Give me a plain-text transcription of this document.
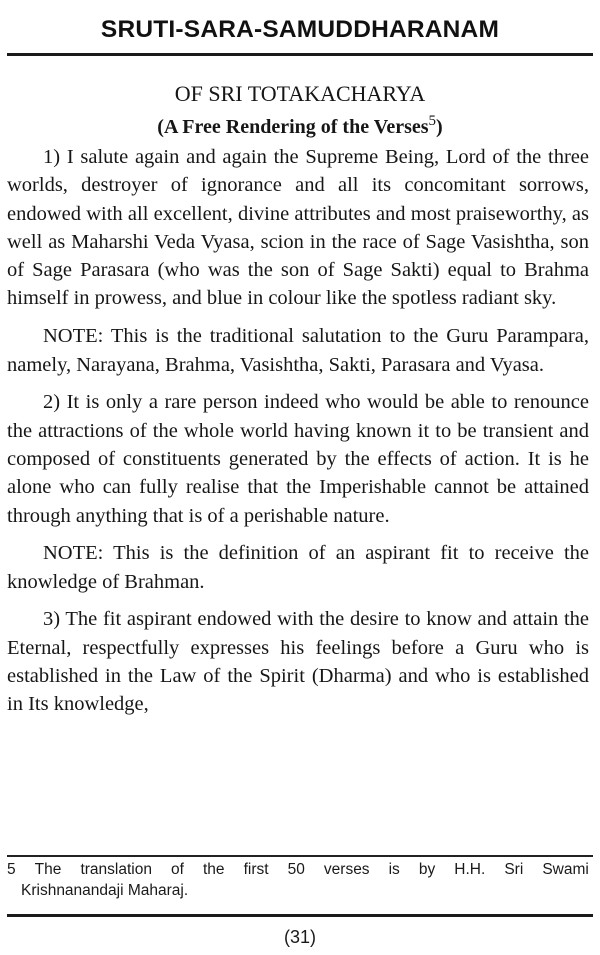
SRUTI-SARA-SAMUDDHARANAM
OF SRI TOTAKACHARYA
(A Free Rendering of the Verses$^5$)

1) I salute again and again the Supreme Being, Lord of the three worlds, destroyer of ignorance and all its concomitant sorrows, endowed with all excellent, divine attributes and most praiseworthy, as well as Maharshi Veda Vyasa, scion in the race of Sage Vasishtha, son of Sage Parasara (who was the son of Sage Sakti) equal to Brahma himself in prowess, and blue in colour like the spotless radiant sky.

NOTE: This is the traditional salutation to the Guru Parampara, namely, Narayana, Brahma, Vasishtha, Sakti, Parasara and Vyasa.

2) It is only a rare person indeed who would be able to renounce the attractions of the whole world having known it to be transient and composed of constituents generated by the effects of action. It is he alone who can fully realise that the Imperishable cannot be attained through anything that is of a perishable nature.

NOTE: This is the definition of an aspirant fit to receive the knowledge of Brahman.

3) The fit aspirant endowed with the desire to know and attain the Eternal, respectfully expresses his feelings before a Guru who is established in the Law of the Spirit (Dharma) and who is established in Its knowledge,

5 The translation of the first 50 verses is by H.H. Sri Swami
Krishnanandaji Maharaj.
(31)
